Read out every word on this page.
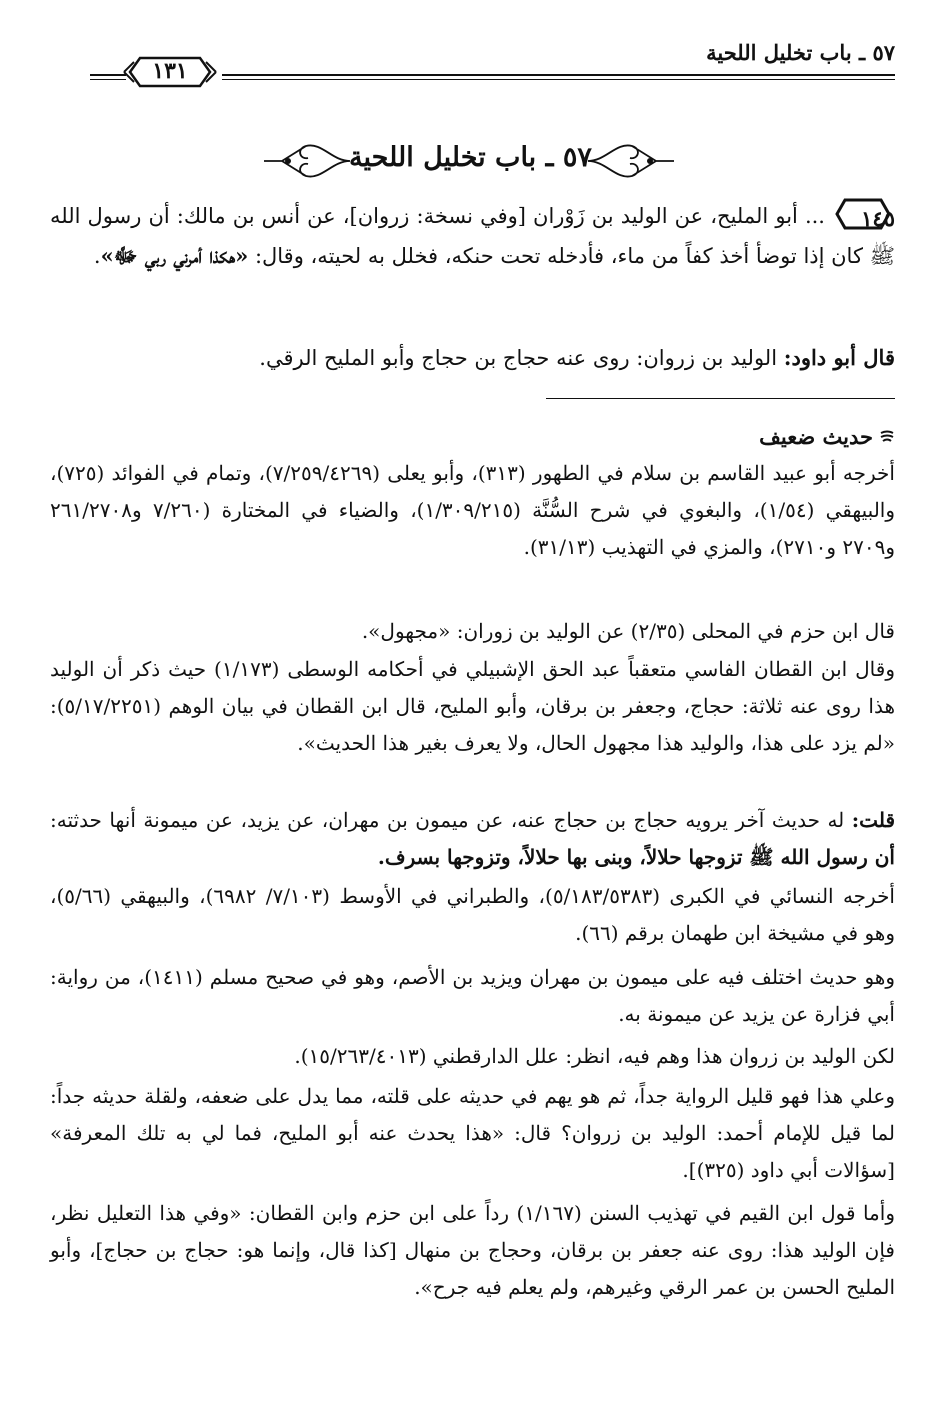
٥٧ ـ باب تخليل اللحية
١٣١
٥٧ ـ باب تخليل اللحية
١٤٥
... أبو المليح، عن الوليد بن زَوْران [وفي نسخة: زروان]، عن أنس بن مالك: أن رسول الله ﷺ كان إذا توضأ أخذ كفاً من ماء، فأدخله تحت حنكه، فخلل به لحيته، وقال: «هكذا أمرني ربي ﷻ».
قال أبو داود: الوليد بن زروان: روى عنه حجاج بن حجاج وأبو المليح الرقي.
حديث ضعيف
أخرجه أبو عبيد القاسم بن سلام في الطهور (٣١٣)، وأبو يعلى (٧/٢٥٩/٤٢٦٩)، وتمام في الفوائد (٧٢٥)، والبيهقي (١/٥٤)، والبغوي في شرح السُّنَّة (١/٣٠٩/٢١٥)، والضياء في المختارة (٧/٢٦٠ و٢٦١/٢٧٠٨ و٢٧٠٩ و٢٧١٠)، والمزي في التهذيب (٣١/١٣).
قال ابن حزم في المحلى (٢/٣٥) عن الوليد بن زوران: «مجهول».
وقال ابن القطان الفاسي متعقباً عبد الحق الإشبيلي في أحكامه الوسطى (١/١٧٣) حيث ذكر أن الوليد هذا روى عنه ثلاثة: حجاج، وجعفر بن برقان، وأبو المليح، قال ابن القطان في بيان الوهم (٥/١٧/٢٢٥١): «لم يزد على هذا، والوليد هذا مجهول الحال، ولا يعرف بغير هذا الحديث».
قلت: له حديث آخر يرويه حجاج بن حجاج عنه، عن ميمون بن مهران، عن يزيد، عن ميمونة أنها حدثته: أن رسول الله ﷺ تزوجها حلالاً، وبنى بها حلالاً، وتزوجها بسرف.
أخرجه النسائي في الكبرى (٥/١٨٣/٥٣٨٣)، والطبراني في الأوسط (٧/١٠٣/ ٦٩٨٢)، والبيهقي (٥/٦٦)، وهو في مشيخة ابن طهمان برقم (٦٦).
وهو حديث اختلف فيه على ميمون بن مهران ويزيد بن الأصم، وهو في صحيح مسلم (١٤١١)، من رواية: أبي فزارة عن يزيد عن ميمونة به.
لكن الوليد بن زروان هذا وهم فيه، انظر: علل الدارقطني (١٥/٢٦٣/٤٠١٣).
وعلي هذا فهو قليل الرواية جداً، ثم هو يهم في حديثه على قلته، مما يدل على ضعفه، ولقلة حديثه جداً: لما قيل للإمام أحمد: الوليد بن زروان؟ قال: «هذا يحدث عنه أبو المليح، فما لي به تلك المعرفة» [سؤالات أبي داود (٣٢٥)].
وأما قول ابن القيم في تهذيب السنن (١/١٦٧) رداً على ابن حزم وابن القطان: «وفي هذا التعليل نظر، فإن الوليد هذا: روى عنه جعفر بن برقان، وحجاج بن منهال [كذا قال، وإنما هو: حجاج بن حجاج]، وأبو المليح الحسن بن عمر الرقي وغيرهم، ولم يعلم فيه جرح».
